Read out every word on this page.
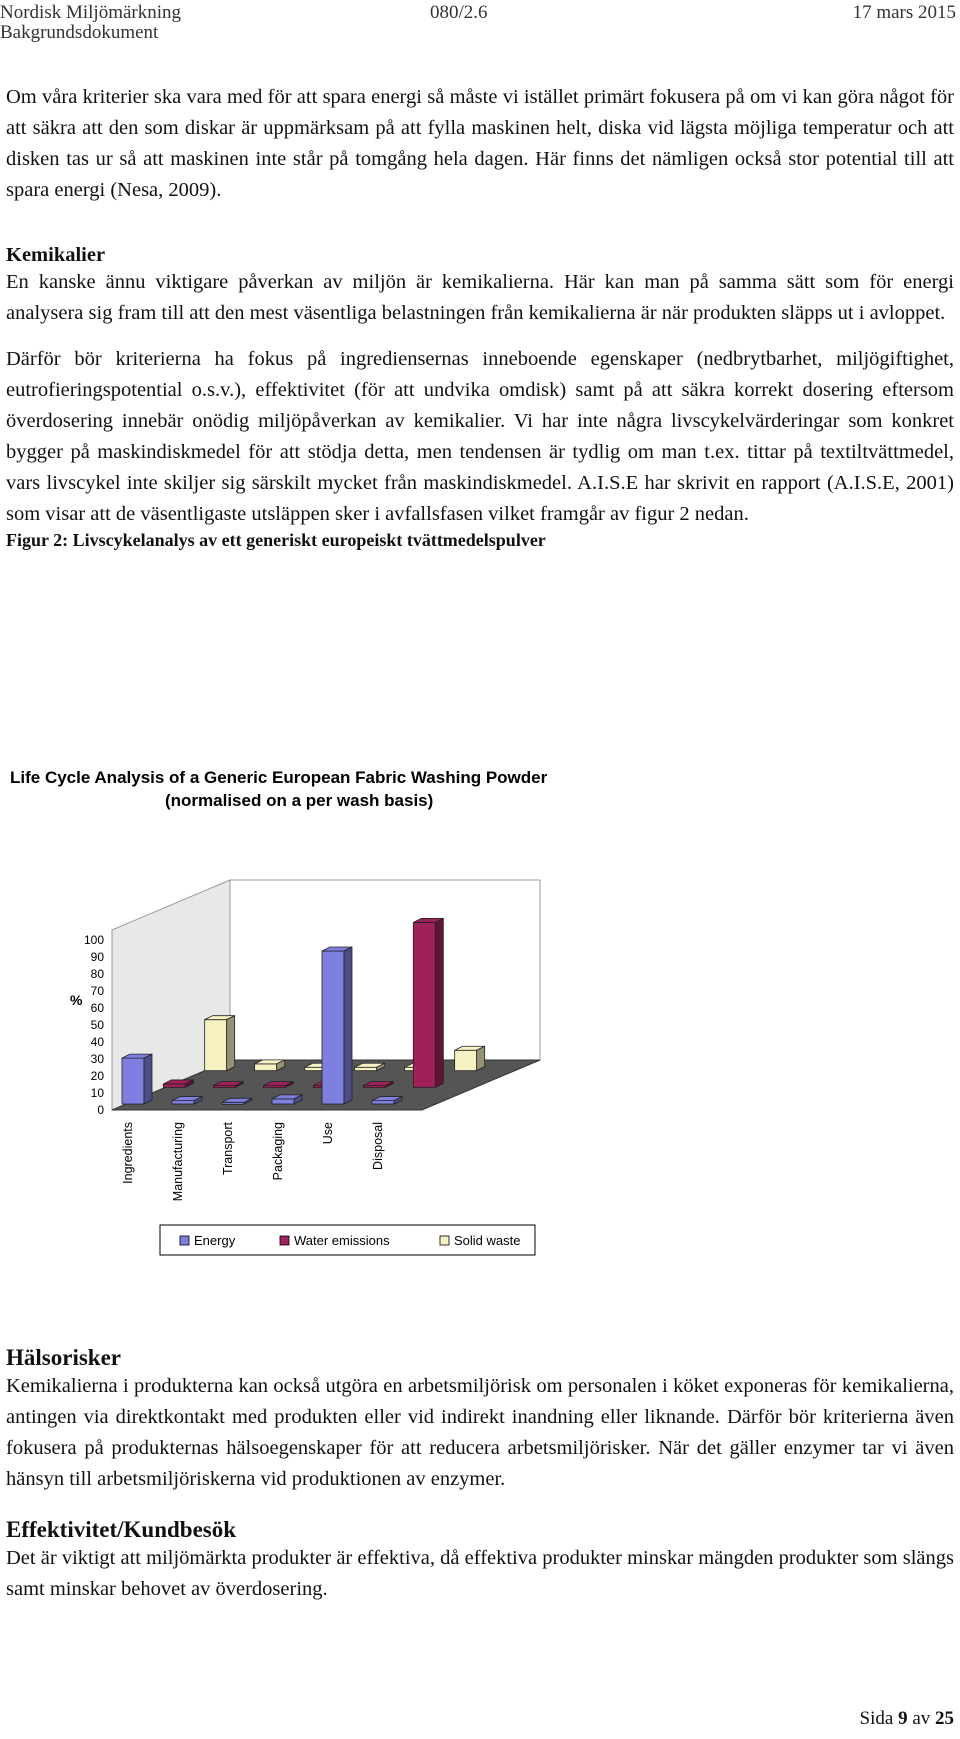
Nordisk Miljömärkning
Bakgrundsdokument
080/2.6	17 mars 2015

Om våra kriterier ska vara med för att spara energi så måste vi istället primärt fokusera på om vi kan göra något för att säkra att den som diskar är uppmärksam på att fylla maskinen helt, diska vid lägsta möjliga temperatur och att disken tas ur så att maskinen inte står på tomgång hela dagen. Här finns det nämligen också stor potential till att spara energi (Nesa, 2009).

Kemikalier

En kanske ännu viktigare påverkan av miljön är kemikalierna. Här kan man på samma sätt som för energi analysera sig fram till att den mest väsentliga belastningen från kemikalierna är när produkten släpps ut i avloppet.

Därför bör kriterierna ha fokus på ingrediensernas inneboende egenskaper (nedbrytbarhet, miljögiftighet, eutrofieringspotential o.s.v.), effektivitet (för att undvika omdisk) samt på att säkra korrekt dosering eftersom överdosering innebär onödig miljöpåverkan av kemikalier. Vi har inte några livscykelvärderingar som konkret bygger på maskindiskmedel för att stödja detta, men tendensen är tydlig om man t.ex. tittar på textiltvättmedel, vars livscykel inte skiljer sig särskilt mycket från maskindiskmedel. A.I.S.E har skrivit en rapport (A.I.S.E, 2001) som visar att de väsentligaste utsläppen sker i avfallsfasen vilket framgår av figur 2 nedan.

Figur 2: Livscykelanalys av ett generiskt europeiskt tvättmedelspulver
Life Cycle Analysis of a Generic European Fabric Washing Powder
(normalised on a per wash basis)
0
10
20
30
40
50
60
70
80
90
100
Ingredients	Manufacturing	Transport	Packaging	Use	Disposal
%
Energy	Water emissions	Solid waste
Hälsorisker

Kemikalierna i produkterna kan också utgöra en arbetsmiljörisk om personalen i köket exponeras för kemikalierna, antingen via direktkontakt med produkten eller vid indirekt inandning eller liknande. Därför bör kriterierna även fokusera på produkternas hälsoegenskaper för att reducera arbetsmiljörisker. När det gäller enzymer tar vi även hänsyn till arbetsmiljöriskerna vid produktionen av enzymer.

Effektivitet/Kundbesök

Det är viktigt att miljömärkta produkter är effektiva, då effektiva produkter minskar mängden produkter som slängs samt minskar behovet av överdosering.

Sida 9 av 25
